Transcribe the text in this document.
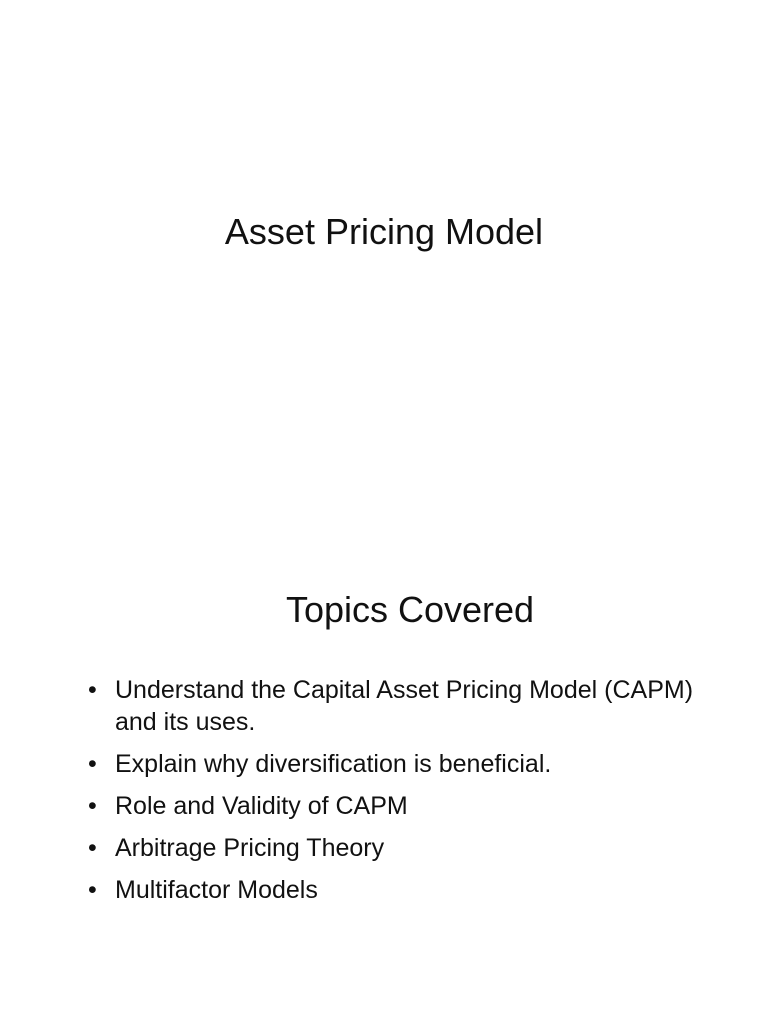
Asset Pricing Model
Topics Covered
• Understand the Capital Asset Pricing Model (CAPM) and its uses.
• Explain why diversification is beneficial.
• Role and Validity of CAPM
• Arbitrage Pricing Theory
• Multifactor Models
